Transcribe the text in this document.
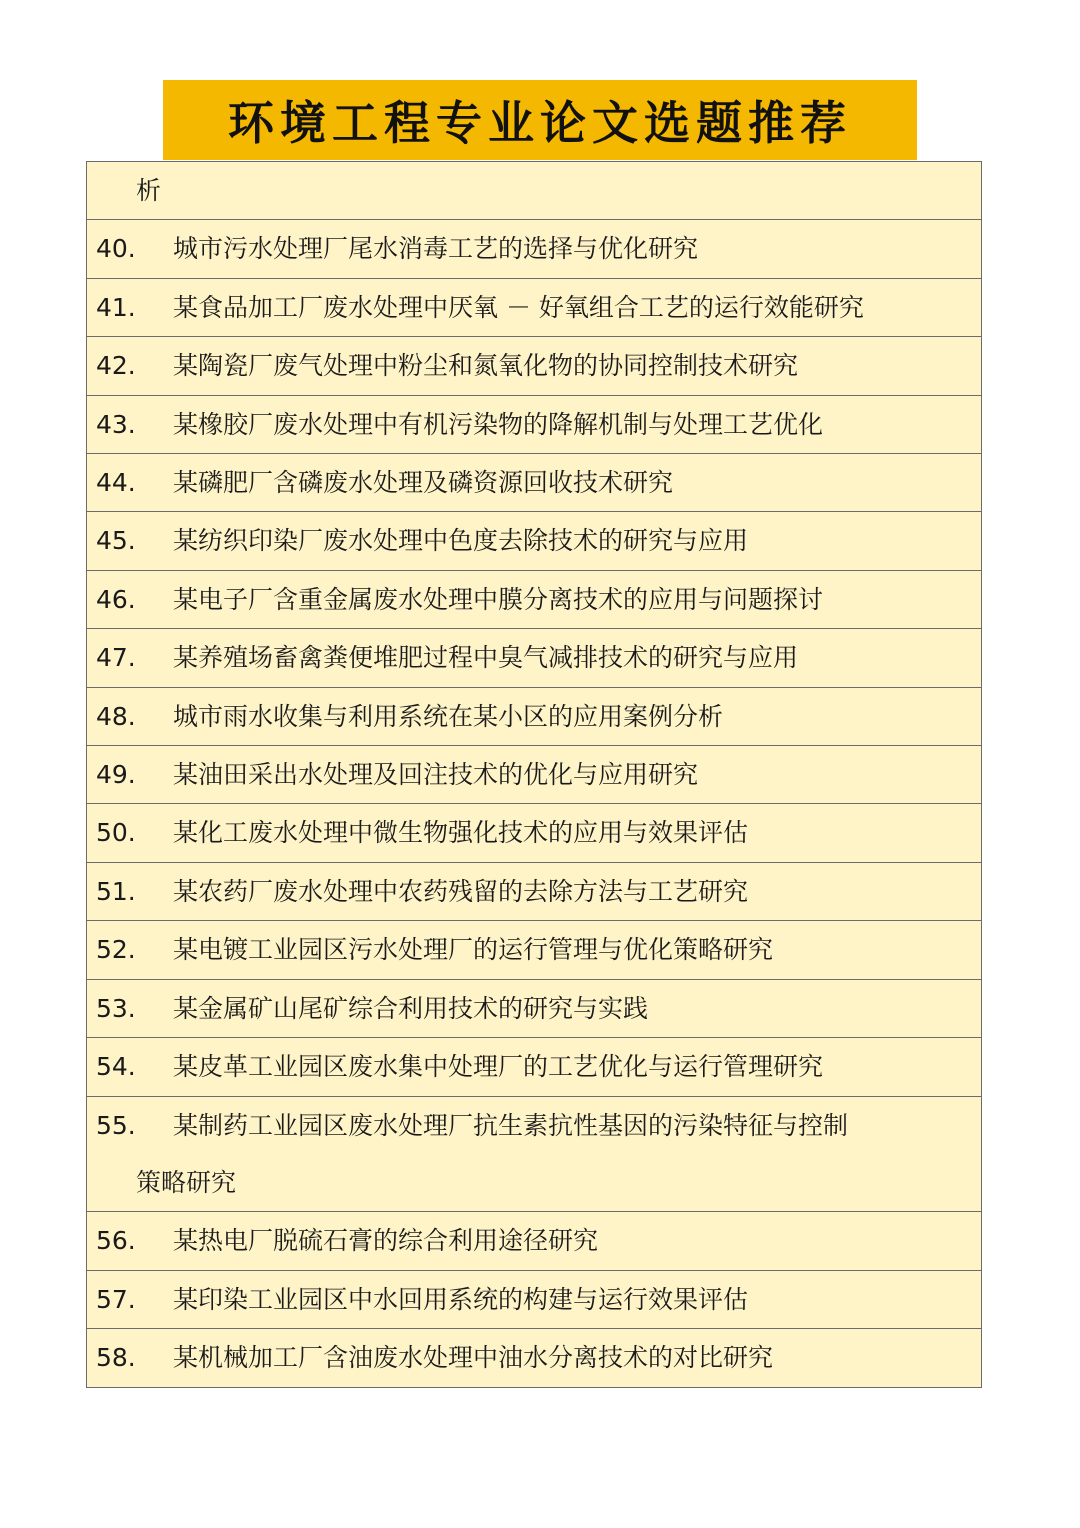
环境工程专业论文选题推荐
析
40. 城市污水处理厂尾水消毒工艺的选择与优化研究
41. 某食品加工厂废水处理中厌氧 － 好氧组合工艺的运行效能研究
42. 某陶瓷厂废气处理中粉尘和氮氧化物的协同控制技术研究
43. 某橡胶厂废水处理中有机污染物的降解机制与处理工艺优化
44. 某磷肥厂含磷废水处理及磷资源回收技术研究
45. 某纺织印染厂废水处理中色度去除技术的研究与应用
46. 某电子厂含重金属废水处理中膜分离技术的应用与问题探讨
47. 某养殖场畜禽粪便堆肥过程中臭气减排技术的研究与应用
48. 城市雨水收集与利用系统在某小区的应用案例分析
49. 某油田采出水处理及回注技术的优化与应用研究
50. 某化工废水处理中微生物强化技术的应用与效果评估
51. 某农药厂废水处理中农药残留的去除方法与工艺研究
52. 某电镀工业园区污水处理厂的运行管理与优化策略研究
53. 某金属矿山尾矿综合利用技术的研究与实践
54. 某皮革工业园区废水集中处理厂的工艺优化与运行管理研究
55. 某制药工业园区废水处理厂抗生素抗性基因的污染特征与控制
策略研究
56. 某热电厂脱硫石膏的综合利用途径研究
57. 某印染工业园区中水回用系统的构建与运行效果评估
58. 某机械加工厂含油废水处理中油水分离技术的对比研究
